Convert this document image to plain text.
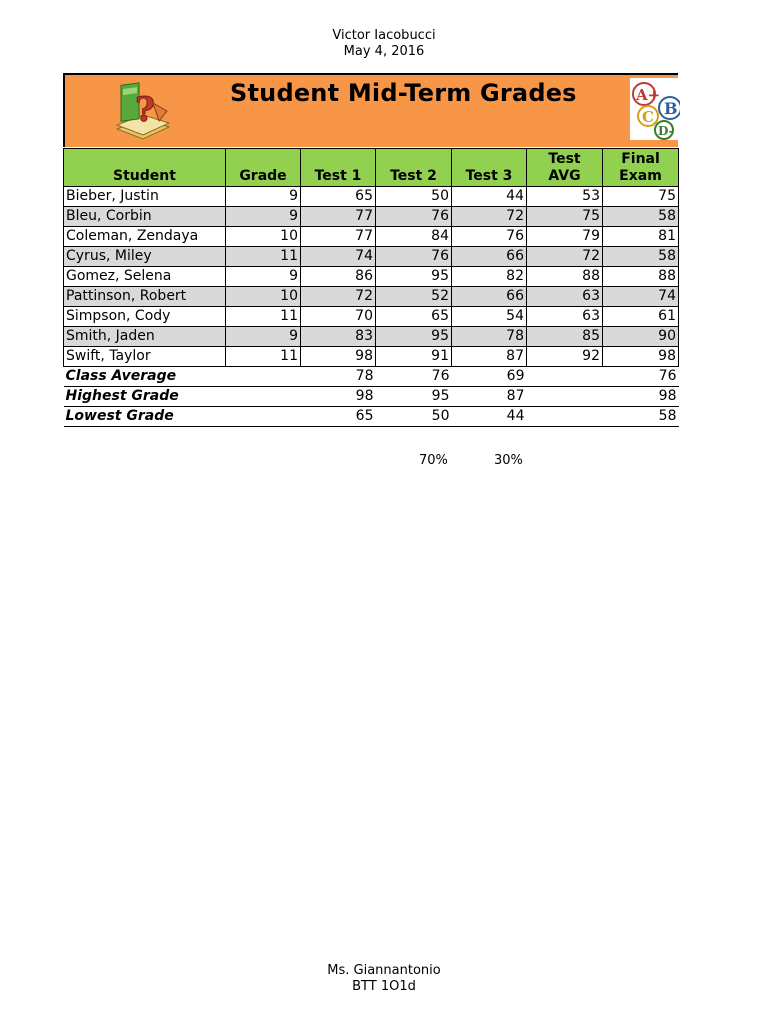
Victor Iacobucci
May 4, 2016
?	Student Mid-Term Grades	A+
B
C
D-
Student	Grade	Test 1	Test 2	Test 3	Test AVG	Final Exam
Bieber, Justin	9	65	50	44	53	75
Bleu, Corbin	9	77	76	72	75	58
Coleman, Zendaya	10	77	84	76	79	81
Cyrus, Miley	11	74	76	66	72	58
Gomez, Selena	9	86	95	82	88	88
Pattinson, Robert	10	72	52	66	63	74
Simpson, Cody	11	70	65	54	63	61
Smith, Jaden	9	83	95	78	85	90
Swift, Taylor	11	98	91	87	92	98
Class Average		78	76	69		76
Highest Grade		98	95	87		98
Lowest Grade		65	50	44		58
70%	30%
Ms. Giannantonio
BTT 1O1d
